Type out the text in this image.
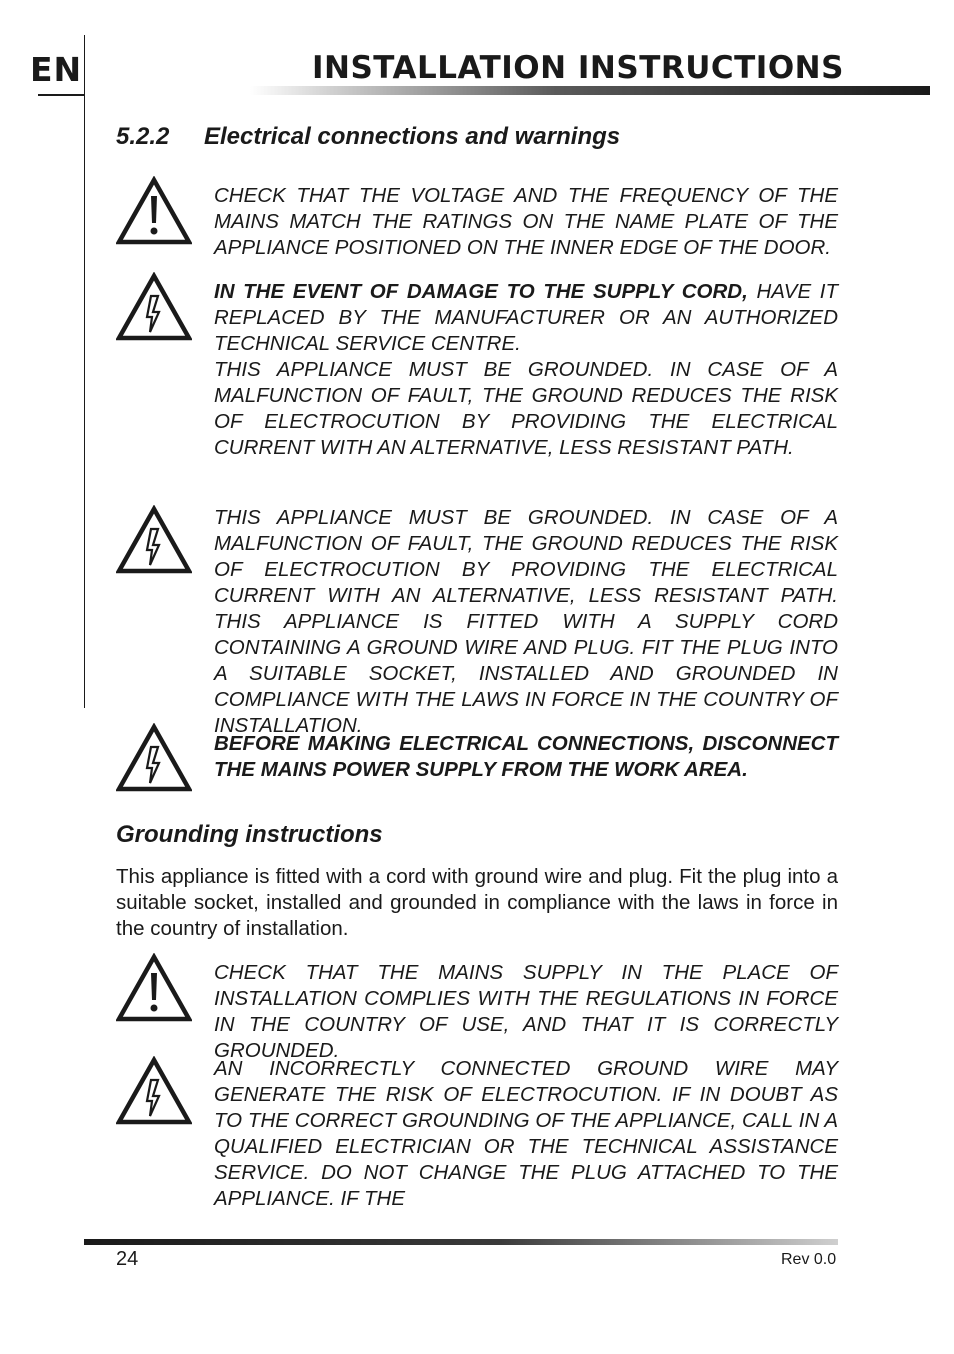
EN	INSTALLATION INSTRUCTIONS
5.2.2 Electrical connections and warnings

CHECK THAT THE VOLTAGE AND THE FREQUENCY OF THE MAINS MATCH THE RATINGS ON THE NAME PLATE OF THE APPLIANCE POSITIONED ON THE INNER EDGE OF THE DOOR.

IN THE EVENT OF DAMAGE TO THE SUPPLY CORD, HAVE IT REPLACED BY THE MANUFACTURER OR AN AUTHORIZED TECHNICAL SERVICE CENTRE.

THIS APPLIANCE MUST BE GROUNDED. IN CASE OF A MALFUNCTION OF FAULT, THE GROUND REDUCES THE RISK OF ELECTROCUTION BY PROVIDING THE ELECTRICAL CURRENT WITH AN ALTERNATIVE, LESS RESISTANT PATH.

THIS APPLIANCE MUST BE GROUNDED. IN CASE OF A MALFUNCTION OF FAULT, THE GROUND REDUCES THE RISK OF ELECTROCUTION BY PROVIDING THE ELECTRICAL CURRENT WITH AN ALTERNATIVE, LESS RESISTANT PATH. THIS APPLIANCE IS FITTED WITH A SUPPLY CORD CONTAINING A GROUND WIRE AND PLUG. FIT THE PLUG INTO A SUITABLE SOCKET, INSTALLED AND GROUNDED IN COMPLIANCE WITH THE LAWS IN FORCE IN THE COUNTRY OF INSTALLATION.

BEFORE MAKING ELECTRICAL CONNECTIONS, DISCONNECT THE MAINS POWER SUPPLY FROM THE WORK AREA.

Grounding instructions
This appliance is fitted with a cord with ground wire and plug. Fit the plug into a suitable socket, installed and grounded in compliance with the laws in force in the country of installation.

CHECK THAT THE MAINS SUPPLY IN THE PLACE OF INSTALLATION COMPLIES WITH THE REGULATIONS IN FORCE IN THE COUNTRY OF USE, AND THAT IT IS CORRECTLY GROUNDED.

AN INCORRECTLY CONNECTED GROUND WIRE MAY GENERATE THE RISK OF ELECTROCUTION. IF IN DOUBT AS TO THE CORRECT GROUNDING OF THE APPLIANCE, CALL IN A QUALIFIED ELECTRICIAN OR THE TECHNICAL ASSISTANCE SERVICE. DO NOT CHANGE THE PLUG ATTACHED TO THE APPLIANCE. IF THE

24	Rev 0.0
